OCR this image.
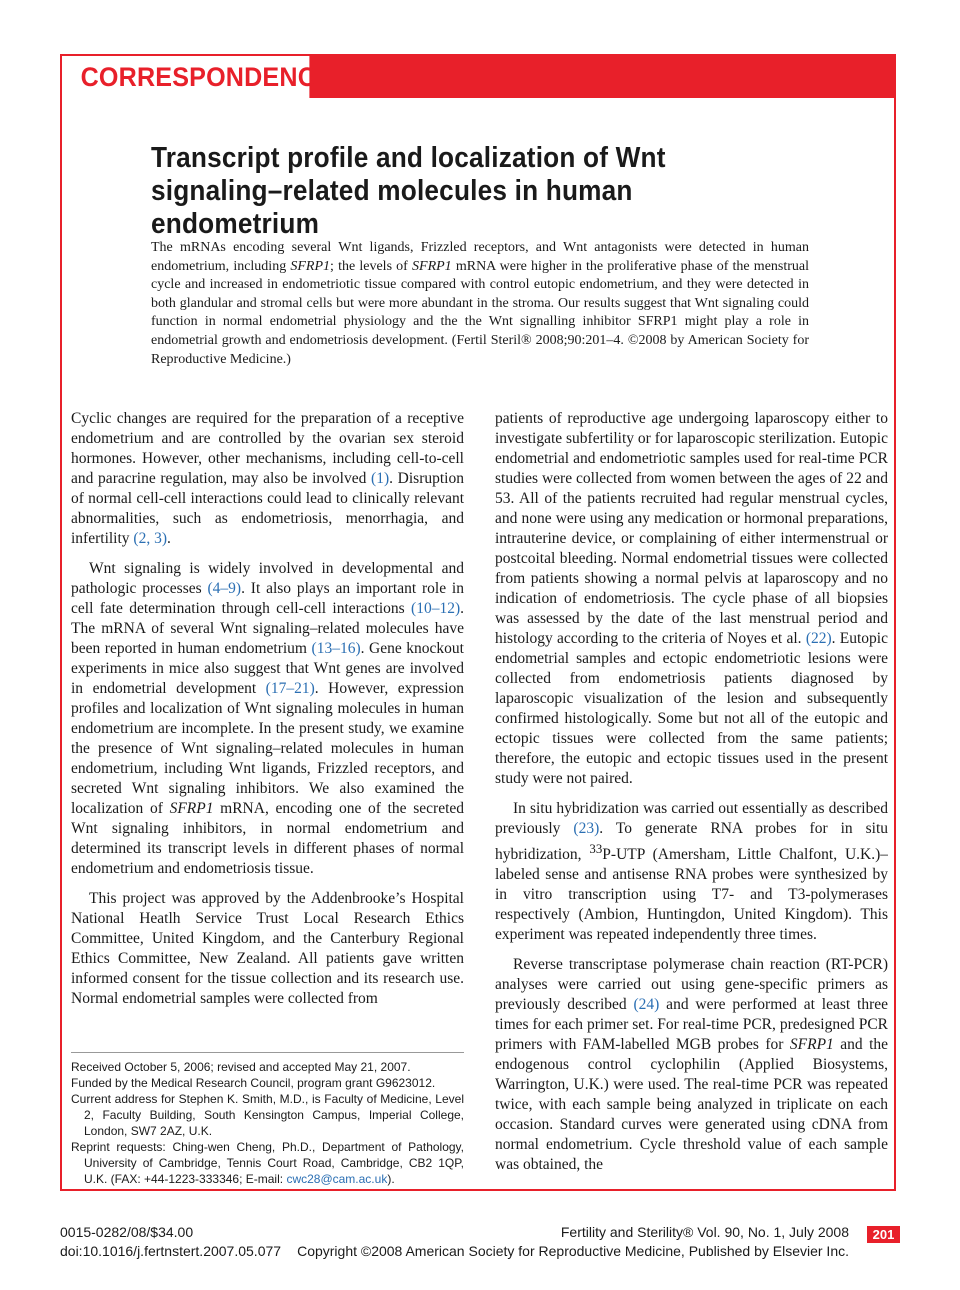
CORRESPONDENCE
Transcript profile and localization of Wnt signaling–related molecules in human endometrium

The mRNAs encoding several Wnt ligands, Frizzled receptors, and Wnt antagonists were detected in human endometrium, including SFRP1; the levels of SFRP1 mRNA were higher in the proliferative phase of the menstrual cycle and increased in endometriotic tissue compared with control eutopic endometrium, and they were detected in both glandular and stromal cells but were more abundant in the stroma. Our results suggest that Wnt signaling could function in normal endometrial physiology and the the Wnt signalling inhibitor SFRP1 might play a role in endometrial growth and endometriosis development. (Fertil Steril® 2008;90:201–4. ©2008 by American Society for Reproductive Medicine.)

Cyclic changes are required for the preparation of a receptive endometrium and are controlled by the ovarian sex steroid hormones. However, other mechanisms, including cell-to-cell and paracrine regulation, may also be involved (1). Disruption of normal cell-cell interactions could lead to clinically relevant abnormalities, such as endometriosis, menorrhagia, and infertility (2, 3).

Wnt signaling is widely involved in developmental and pathologic processes (4–9). It also plays an important role in cell fate determination through cell-cell interactions (10–12). The mRNA of several Wnt signaling–related molecules have been reported in human endometrium (13–16). Gene knockout experiments in mice also suggest that Wnt genes are involved in endometrial development (17–21). However, expression profiles and localization of Wnt signaling molecules in human endometrium are incomplete. In the present study, we examine the presence of Wnt signaling–related molecules in human endometrium, including Wnt ligands, Frizzled receptors, and secreted Wnt signaling inhibitors. We also examined the localization of SFRP1 mRNA, encoding one of the secreted Wnt signaling inhibitors, in normal endometrium and determined its transcript levels in different phases of normal endometrium and endometriosis tissue.

This project was approved by the Addenbrooke’s Hospital National Heatlh Service Trust Local Research Ethics Committee, United Kingdom, and the Canterbury Regional Ethics Committee, New Zealand. All patients gave written informed consent for the tissue collection and its research use. Normal endometrial samples were collected from

Received October 5, 2006; revised and accepted May 21, 2007.

Funded by the Medical Research Council, program grant G9623012.

Current address for Stephen K. Smith, M.D., is Faculty of Medicine, Level 2, Faculty Building, South Kensington Campus, Imperial College, London, SW7 2AZ, U.K.

Reprint requests: Ching-wen Cheng, Ph.D., Department of Pathology, University of Cambridge, Tennis Court Road, Cambridge, CB2 1QP, U.K. (FAX: +44-1223-333346; E-mail: cwc28@cam.ac.uk).

patients of reproductive age undergoing laparoscopy either to investigate subfertility or for laparoscopic sterilization. Eutopic endometrial and endometriotic samples used for real-time PCR studies were collected from women between the ages of 22 and 53. All of the patients recruited had regular menstrual cycles, and none were using any medication or hormonal preparations, intrauterine device, or complaining of either intermenstrual or postcoital bleeding. Normal endometrial tissues were collected from patients showing a normal pelvis at laparoscopy and no indication of endometriosis. The cycle phase of all biopsies was assessed by the date of the last menstrual period and histology according to the criteria of Noyes et al. (22). Eutopic endometrial samples and ectopic endometriotic lesions were collected from endometriosis patients diagnosed by laparoscopic visualization of the lesion and subsequently confirmed histologically. Some but not all of the eutopic and ectopic tissues were collected from the same patients; therefore, the eutopic and ectopic tissues used in the present study were not paired.

In situ hybridization was carried out essentially as described previously (23). To generate RNA probes for in situ hybridization, $^{33}$P-UTP (Amersham, Little Chalfont, U.K.)–labeled sense and antisense RNA probes were synthesized by in vitro transcription using T7- and T3-polymerases respectively (Ambion, Huntingdon, United Kingdom). This experiment was repeated independently three times.

Reverse transcriptase polymerase chain reaction (RT-PCR) analyses were carried out using gene-specific primers as previously described (24) and were performed at least three times for each primer set. For real-time PCR, predesigned PCR primers with FAM-labelled MGB probes for SFRP1 and the endogenous control cyclophilin (Applied Biosystems, Warrington, U.K.) were used. The real-time PCR was repeated twice, with each sample being analyzed in triplicate on each occasion. Standard curves were generated using cDNA from normal endometrium. Cycle threshold value of each sample was obtained, the

0015-0282/08/$34.00
doi:10.1016/j.fertnstert.2007.05.077
Fertility and Sterility® Vol. 90, No. 1, July 2008
Copyright ©2008 American Society for Reproductive Medicine, Published by Elsevier Inc.
201
